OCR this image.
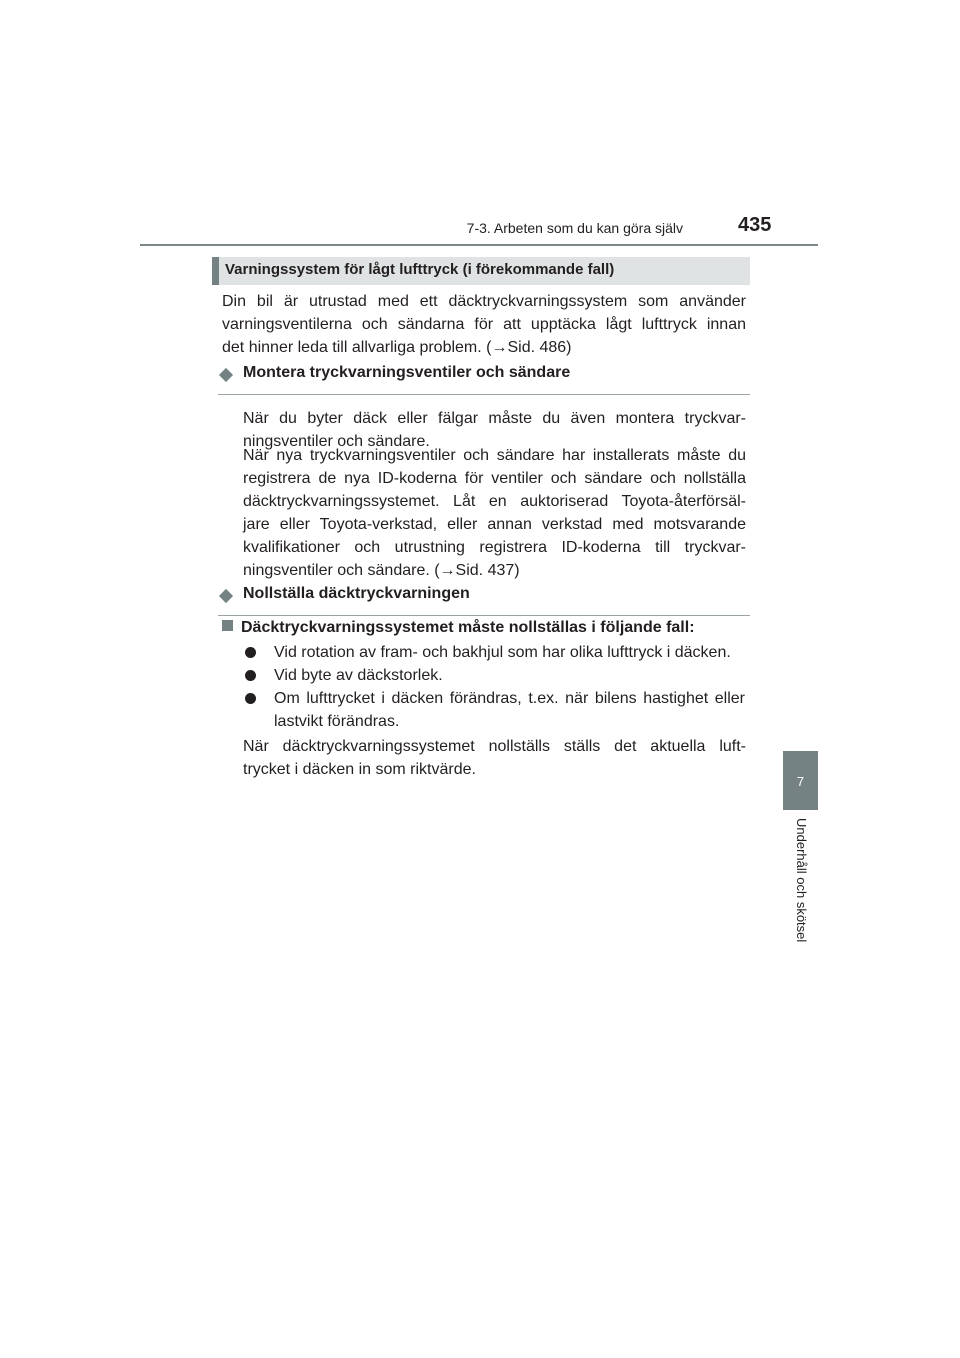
7-3. Arbeten som du kan göra själv	435
7
Underhåll och skötsel
Varningssystem för lågt lufttryck (i förekommande fall)
Din bil är utrustad med ett däcktryckvarningssystem som använder
varningsventilerna och sändarna för att upptäcka lågt lufttryck innan
det hinner leda till allvarliga problem. (→Sid. 486)
Montera tryckvarningsventiler och sändare
När du byter däck eller fälgar måste du även montera tryckvar-
ningsventiler och sändare.
När nya tryckvarningsventiler och sändare har installerats måste du
registrera de nya ID-koderna för ventiler och sändare och nollställa
däcktryckvarningssystemet. Låt en auktoriserad Toyota-återförsäl-
jare eller Toyota-verkstad, eller annan verkstad med motsvarande
kvalifikationer och utrustning registrera ID-koderna till tryckvar-
ningsventiler och sändare. (→Sid. 437)
Nollställa däcktryckvarningen
Däcktryckvarningssystemet måste nollställas i följande fall:
Vid rotation av fram- och bakhjul som har olika lufttryck i däcken.
Vid byte av däckstorlek.
Om lufttrycket i däcken förändras, t.ex. när bilens hastighet eller
lastvikt förändras.
När däcktryckvarningssystemet nollställs ställs det aktuella luft-
trycket i däcken in som riktvärde.
